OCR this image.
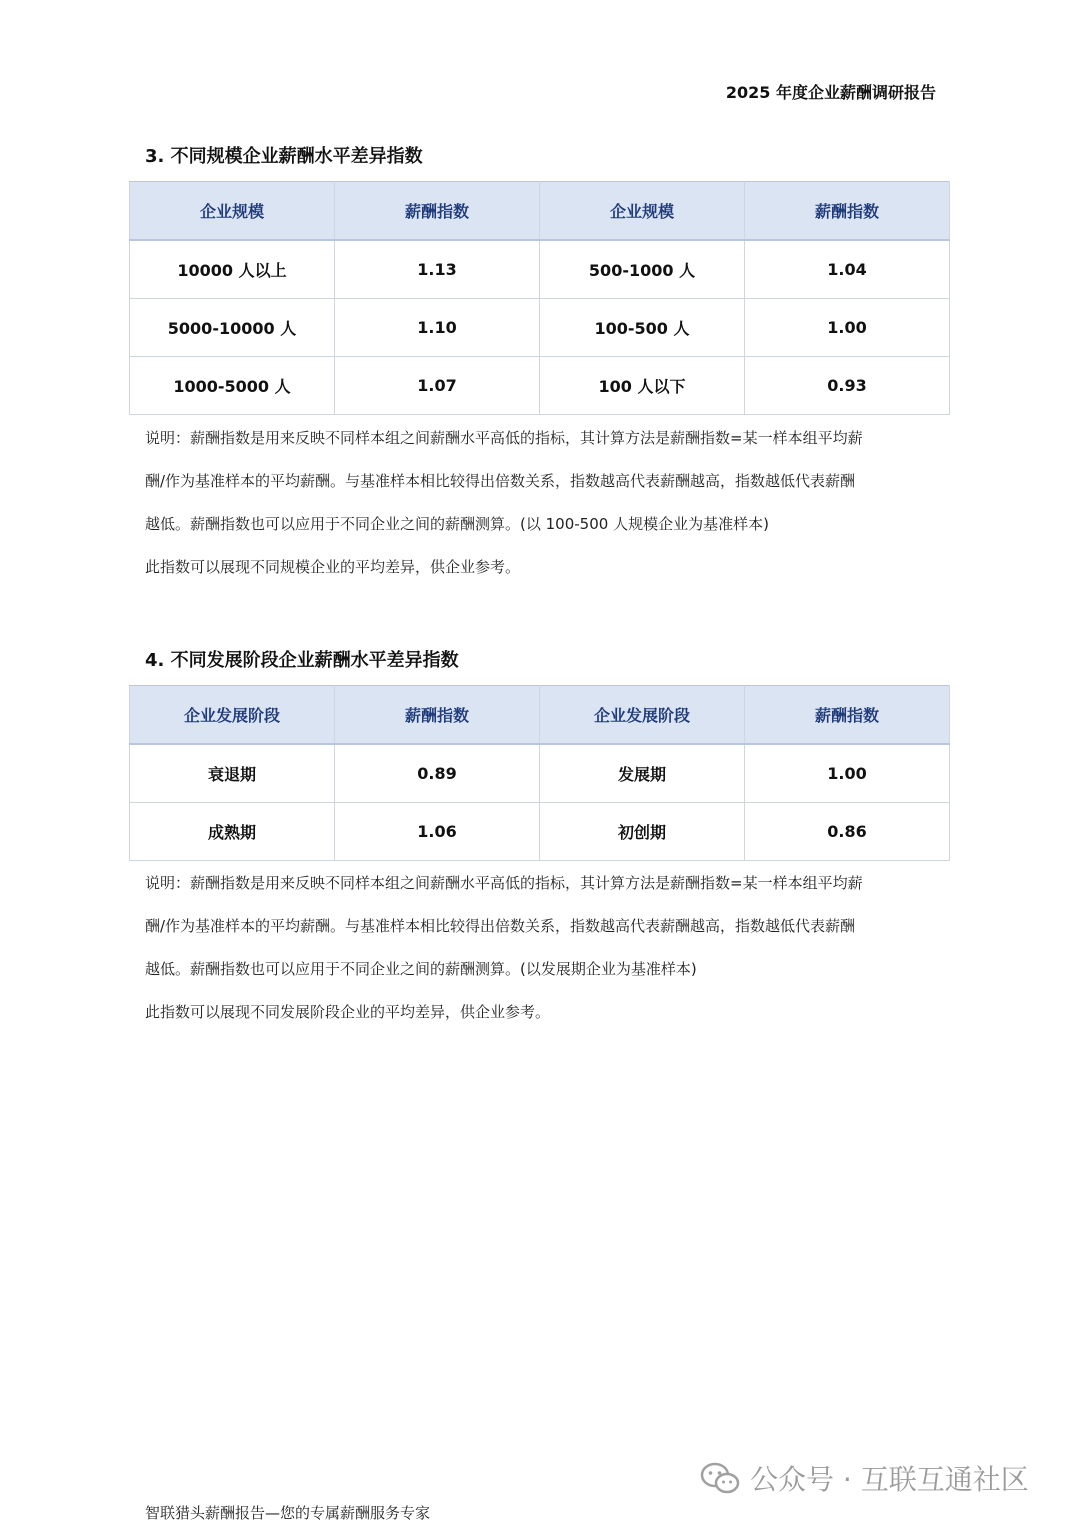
2025 年度企业薪酬调研报告
3. 不同规模企业薪酬水平差异指数
企业规模	薪酬指数	企业规模	薪酬指数
10000 人以上	1.13	500-1000 人	1.04
5000-10000 人	1.10	100-500 人	1.00
1000-5000 人	1.07	100 人以下	0.93

说明：薪酬指数是用来反映不同样本组之间薪酬水平高低的指标，其计算方法是薪酬指数=某一样本组平均薪

酬/作为基准样本的平均薪酬。与基准样本相比较得出倍数关系，指数越高代表薪酬越高，指数越低代表薪酬

越低。薪酬指数也可以应用于不同企业之间的薪酬测算。(以 100-500 人规模企业为基准样本)

此指数可以展现不同规模企业的平均差异，供企业参考。

4. 不同发展阶段企业薪酬水平差异指数
企业发展阶段	薪酬指数	企业发展阶段	薪酬指数
衰退期	0.89	发展期	1.00
成熟期	1.06	初创期	0.86

说明：薪酬指数是用来反映不同样本组之间薪酬水平高低的指标，其计算方法是薪酬指数=某一样本组平均薪

酬/作为基准样本的平均薪酬。与基准样本相比较得出倍数关系，指数越高代表薪酬越高，指数越低代表薪酬

越低。薪酬指数也可以应用于不同企业之间的薪酬测算。(以发展期企业为基准样本)

此指数可以展现不同发展阶段企业的平均差异，供企业参考。

公众号 · 互联互通社区
智联猎头薪酬报告—您的专属薪酬服务专家
